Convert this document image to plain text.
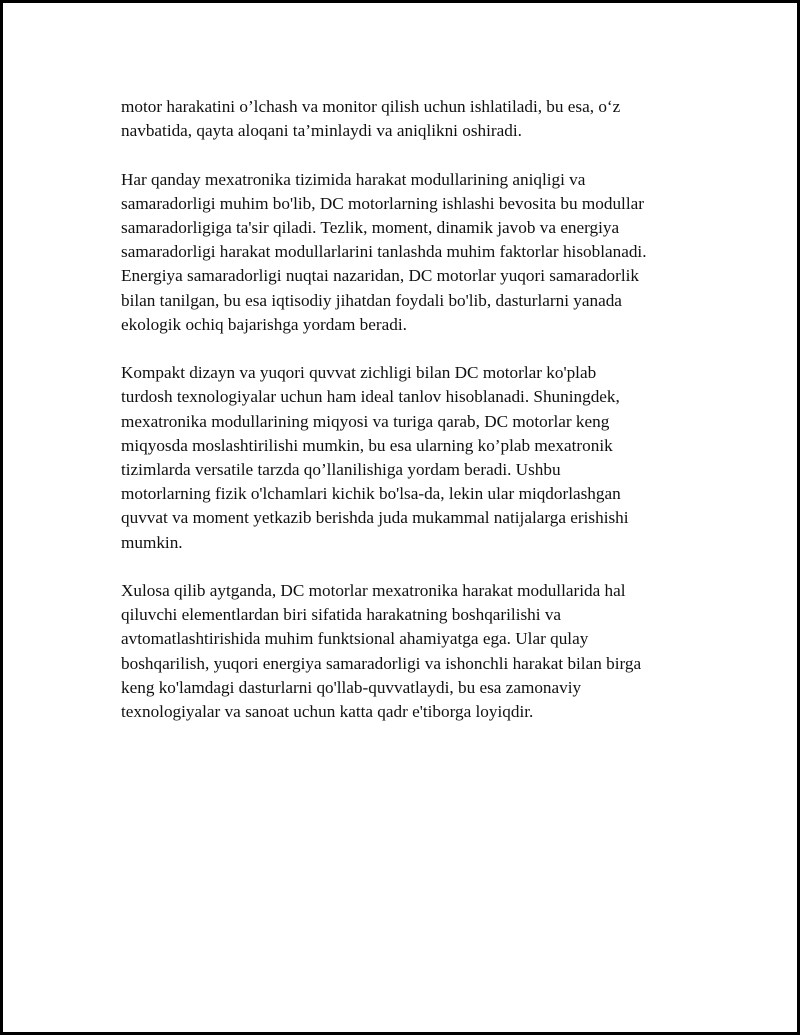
motor harakatini o’lchash va monitor qilish uchun ishlatiladi, bu esa, o‘z
navbatida, qayta aloqani ta’minlaydi va aniqlikni oshiradi.

Har qanday mexatronika tizimida harakat modullarining aniqligi va
samaradorligi muhim bo'lib, DC motorlarning ishlashi bevosita bu modullar
samaradorligiga ta'sir qiladi. Tezlik, moment, dinamik javob va energiya
samaradorligi harakat modullarlarini tanlashda muhim faktorlar hisoblanadi.
Energiya samaradorligi nuqtai nazaridan, DC motorlar yuqori samaradorlik
bilan tanilgan, bu esa iqtisodiy jihatdan foydali bo'lib, dasturlarni yanada
ekologik ochiq bajarishga yordam beradi.

Kompakt dizayn va yuqori quvvat zichligi bilan DC motorlar ko'plab
turdosh texnologiyalar uchun ham ideal tanlov hisoblanadi. Shuningdek,
mexatronika modullarining miqyosi va turiga qarab, DC motorlar keng
miqyosda moslashtirilishi mumkin, bu esa ularning ko’plab mexatronik
tizimlarda versatile tarzda qo’llanilishiga yordam beradi. Ushbu
motorlarning fizik o'lchamlari kichik bo'lsa-da, lekin ular miqdorlashgan
quvvat va moment yetkazib berishda juda mukammal natijalarga erishishi
mumkin.

Xulosa qilib aytganda, DC motorlar mexatronika harakat modullarida hal
qiluvchi elementlardan biri sifatida harakatning boshqarilishi va
avtomatlashtirishida muhim funktsional ahamiyatga ega. Ular qulay
boshqarilish, yuqori energiya samaradorligi va ishonchli harakat bilan birga
keng ko'lamdagi dasturlarni qo'llab-quvvatlaydi, bu esa zamonaviy
texnologiyalar va sanoat uchun katta qadr e'tiborga loyiqdir.
